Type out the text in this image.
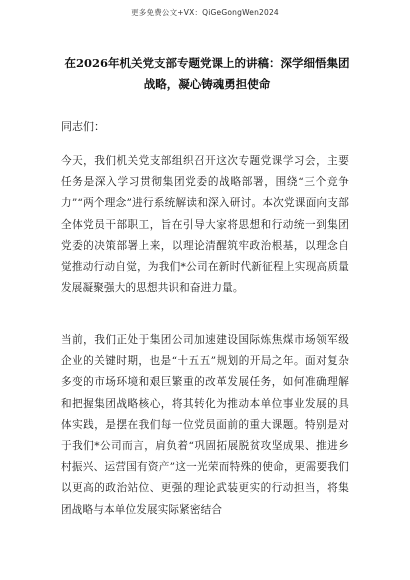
更多免费公文+VX：QiGeGongWen2024
在2026年机关党支部专题党课上的讲稿：深学细悟集团战略，凝心铸魂勇担使命
同志们：
今天，我们机关党支部组织召开这次专题党课学习会，主要任务是深入学习贯彻集团党委的战略部署，围绕“三个竞争力”“两个理念”进行系统解读和深入研讨。本次党课面向支部全体党员干部职工，旨在引导大家将思想和行动统一到集团党委的决策部署上来，以理论清醒筑牢政治根基，以理念自觉推动行动自觉，为我们*公司在新时代新征程上实现高质量发展凝聚强大的思想共识和奋进力量。
当前，我们正处于集团公司加速建设国际炼焦煤市场领军级企业的关键时期，也是“十五五”规划的开局之年。面对复杂多变的市场环境和艰巨繁重的改革发展任务，如何准确理解和把握集团战略核心，将其转化为推动本单位事业发展的具体实践，是摆在我们每一位党员面前的重大课题。特别是对于我们*公司而言，肩负着“巩固拓展脱贫攻坚成果、推进乡村振兴、运营国有资产”这一光荣而特殊的使命，更需要我们以更高的政治站位、更强的理论武装更实的行动担当，将集团战略与本单位发展实际紧密结合
